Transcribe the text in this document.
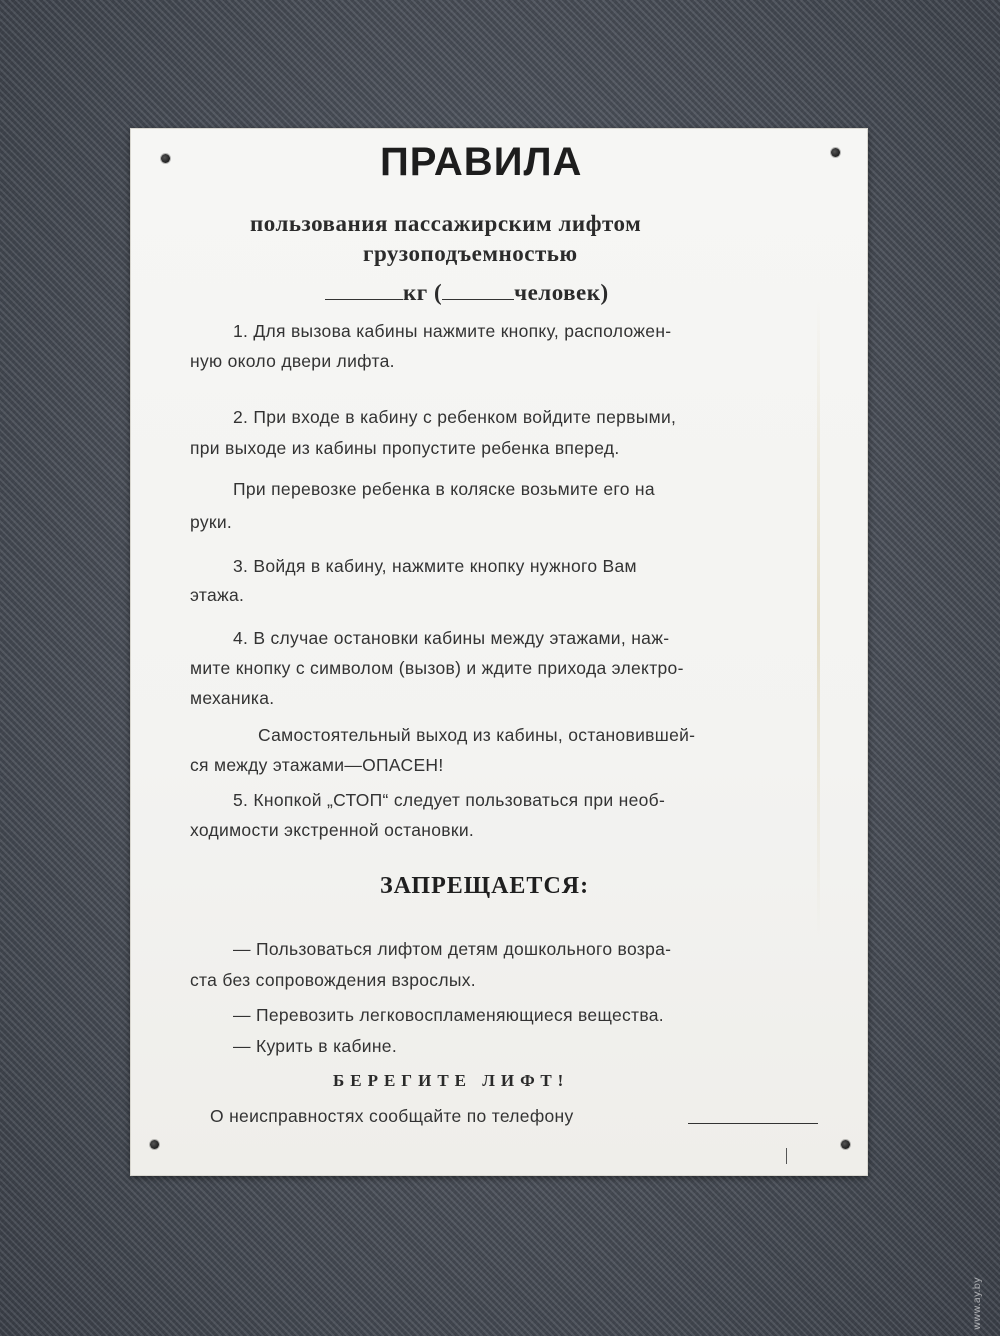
www.ay.by
ПРАВИЛА
пользования пассажирским лифтом
грузоподъемностью
кг (	человек)
1. Для вызова кабины нажмите кнопку, расположен-
ную около двери лифта.
2. При входе в кабину с ребенком войдите первыми,
при выходе из кабины пропустите ребенка вперед.
При перевозке ребенка в коляске возьмите его на
руки.
3. Войдя в кабину, нажмите кнопку нужного Вам
этажа.
4. В случае остановки кабины между этажами, наж-
мите кнопку с символом (вызов) и ждите прихода электро-
механика.
Самостоятельный выход из кабины, остановившей-
ся между этажами—ОПАСЕН!
5. Кнопкой „СТОП“ следует пользоваться при необ-
ходимости экстренной остановки.
ЗАПРЕЩАЕТСЯ:
— Пользоваться лифтом детям дошкольного возра-
ста без сопровождения взрослых.
— Перевозить легковоспламеняющиеся вещества.
— Курить в кабине.
БЕРЕГИТЕ ЛИФТ!
О неисправностях сообщайте по телефону
